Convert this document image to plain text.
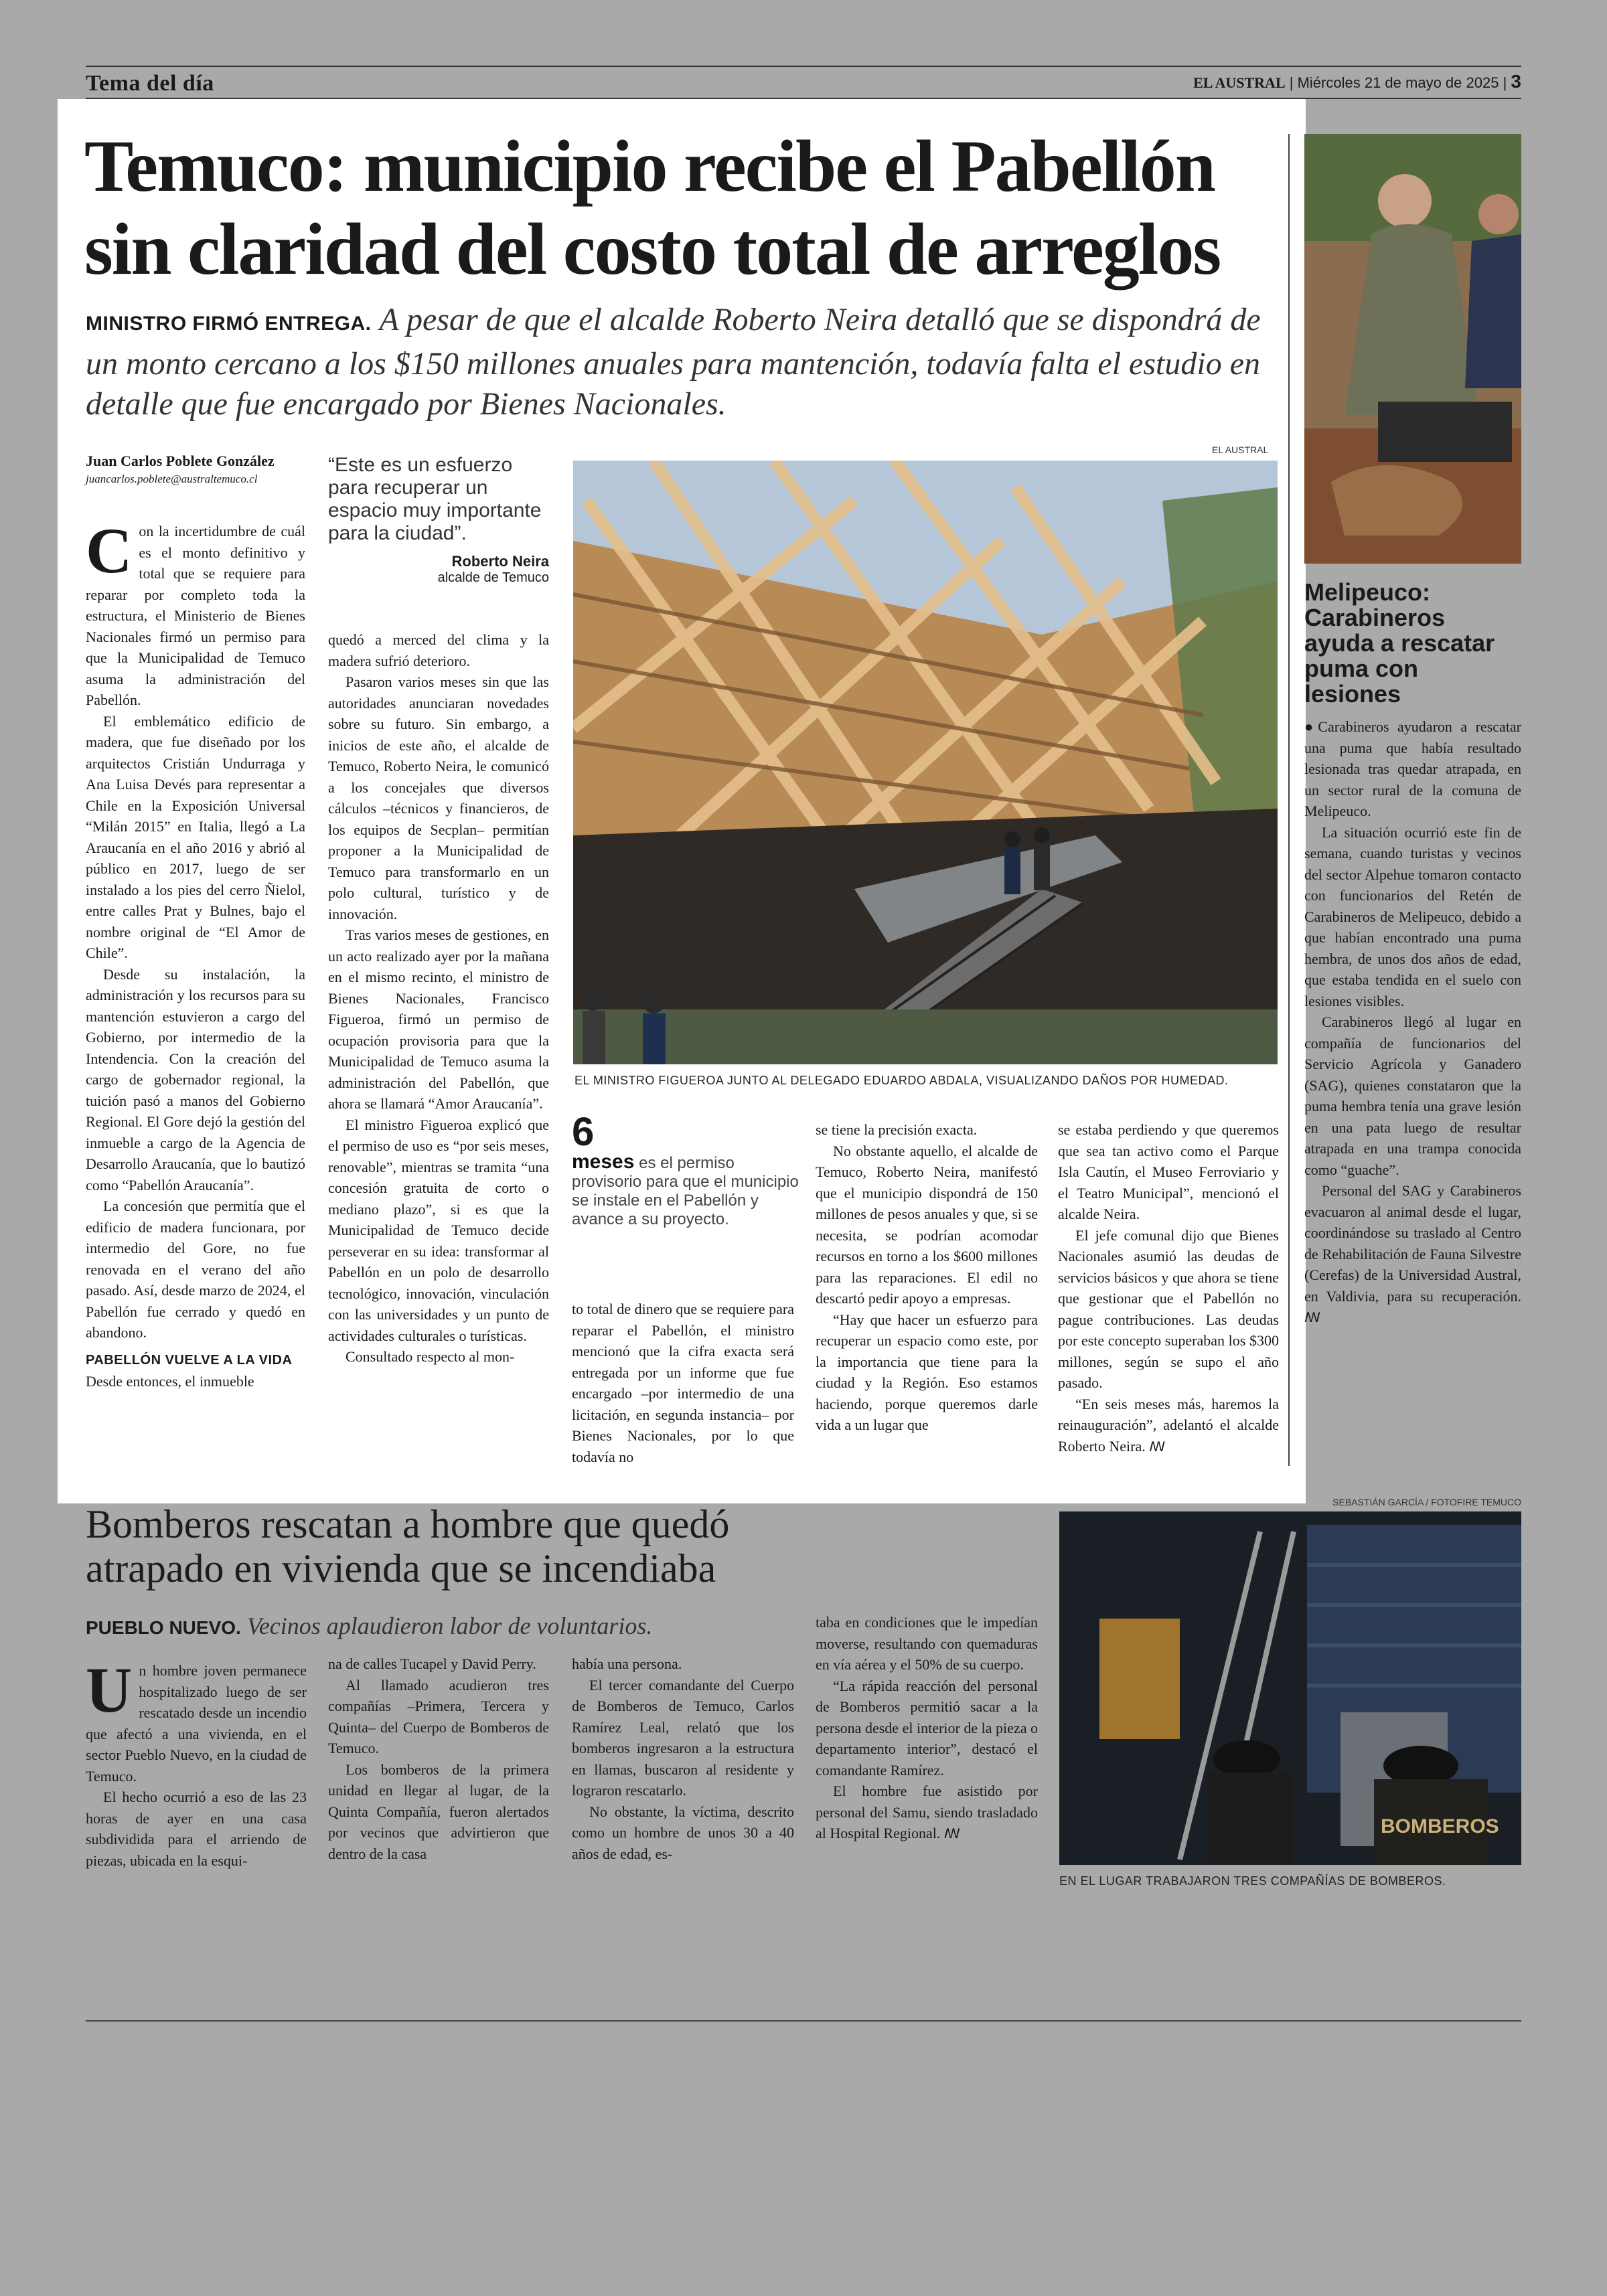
Tema del día	EL AUSTRAL | Miércoles 21 de mayo de 2025 | 3
Temuco: municipio recibe el Pabellón
sin claridad del costo total de arreglos
MINISTRO FIRMÓ ENTREGA. A pesar de que el alcalde Roberto Neira detalló que se dispondrá de un monto cercano a los $150 millones anuales para mantención, todavía falta el estudio en detalle que fue encargado por Bienes Nacionales.
Juan Carlos Poblete González
juancarlos.poblete@australtemuco.cl

Con la incertidumbre de cuál es el monto definitivo y total que se requiere para reparar por completo toda la estructura, el Ministerio de Bienes Nacionales firmó un permiso para que la Municipalidad de Temuco asuma la administración del Pabellón.

El emblemático edificio de madera, que fue diseñado por los arquitectos Cristián Undurraga y Ana Luisa Devés para representar a Chile en la Exposición Universal “Milán 2015” en Italia, llegó a La Araucanía en el año 2016 y abrió al público en 2017, luego de ser instalado a los pies del cerro Ñielol, entre calles Prat y Bulnes, bajo el nombre original de “El Amor de Chile”.

Desde su instalación, la administración y los recursos para su mantención estuvieron a cargo del Gobierno, por intermedio de la Intendencia. Con la creación del cargo de gobernador regional, la tuición pasó a manos del Gobierno Regional. El Gore dejó la gestión del inmueble a cargo de la Agencia de Desarrollo Araucanía, que lo bautizó como “Pabellón Araucanía”.

La concesión que permitía que el edificio de madera funcionara, por intermedio del Gore, no fue renovada en el verano del año pasado. Así, desde marzo de 2024, el Pabellón fue cerrado y quedó en abandono.

PABELLÓN VUELVE A LA VIDA

Desde entonces, el inmueble

“Este es un esfuerzo para recuperar un espacio muy importante para la ciudad”.
Roberto Neira
alcalde de Temuco

quedó a merced del clima y la madera sufrió deterioro.

Pasaron varios meses sin que las autoridades anunciaran novedades sobre su futuro. Sin embargo, a inicios de este año, el alcalde de Temuco, Roberto Neira, le comunicó a los concejales que diversos cálculos –técnicos y financieros, de los equipos de Secplan– permitían proponer a la Municipalidad de Temuco para transformarlo en un polo cultural, turístico y de innovación.

Tras varios meses de gestiones, en un acto realizado ayer por la mañana en el mismo recinto, el ministro de Bienes Nacionales, Francisco Figueroa, firmó un permiso de ocupación provisoria para que la Municipalidad de Temuco asuma la administración del Pabellón, que ahora se llamará “Amor Araucanía”.

El ministro Figueroa explicó que el permiso de uso es “por seis meses, renovable”, mientras se tramita “una concesión gratuita de corto o mediano plazo”, si es que la Municipalidad de Temuco decide perseverar en su idea: transformar al Pabellón en un polo de desarrollo tecnológico, innovación, vinculación con las universidades y un punto de actividades culturales o turísticas.

Consultado respecto al mon-

EL AUSTRAL
EL MINISTRO FIGUEROA JUNTO AL DELEGADO EDUARDO ABDALA, VISUALIZANDO DAÑOS POR HUMEDAD.
6
meses es el permiso provisorio para que el municipio se instale en el Pabellón y avance a su proyecto.

to total de dinero que se requiere para reparar el Pabellón, el ministro mencionó que la cifra exacta será entregada por un informe que fue encargado –por intermedio de una licitación, en segunda instancia– por Bienes Nacionales, por lo que todavía no

se tiene la precisión exacta.

No obstante aquello, el alcalde de Temuco, Roberto Neira, manifestó que el municipio dispondrá de 150 millones de pesos anuales y que, si se necesita, se podrían acomodar recursos en torno a los $600 millones para las reparaciones. El edil no descartó pedir apoyo a empresas.

“Hay que hacer un esfuerzo para recuperar un espacio como este, por la importancia que tiene para la ciudad y la Región. Eso estamos haciendo, porque queremos darle vida a un lugar que

se estaba perdiendo y que queremos que sea tan activo como el Parque Isla Cautín, el Museo Ferroviario y el Teatro Municipal”, mencionó el alcalde Neira.

El jefe comunal dijo que Bienes Nacionales asumió las deudas de servicios básicos y que ahora se tiene que gestionar que el Pabellón no pague contribuciones. Las deudas por este concepto superaban los $300 millones, según se supo el año pasado.

“En seis meses más, haremos la reinauguración”, adelantó el alcalde Roberto Neira. ꟿ

Melipeuco: Carabineros ayuda a rescatar puma con lesiones

●Carabineros ayudaron a rescatar una puma que había resultado lesionada tras quedar atrapada, en un sector rural de la comuna de Melipeuco.

La situación ocurrió este fin de semana, cuando turistas y vecinos del sector Alpehue tomaron contacto con funcionarios del Retén de Carabineros de Melipeuco, debido a que habían encontrado una puma hembra, de unos dos años de edad, que estaba tendida en el suelo con lesiones visibles.

Carabineros llegó al lugar en compañía de funcionarios del Servicio Agrícola y Ganadero (SAG), quienes constataron que la puma hembra tenía una grave lesión en una pata luego de resultar atrapada en una trampa conocida como “guache”.

Personal del SAG y Carabineros evacuaron al animal desde el lugar, coordinándose su traslado al Centro de Rehabilitación de Fauna Silvestre (Cerefas) de la Universidad Austral, en Valdivia, para su recuperación. ꟿ

Bomberos rescatan a hombre que quedó
atrapado en vivienda que se incendiaba
PUEBLO NUEVO. Vecinos aplaudieron labor de voluntarios.

Un hombre joven permanece hospitalizado luego de ser rescatado desde un incendio que afectó a una vivienda, en el sector Pueblo Nuevo, en la ciudad de Temuco.

El hecho ocurrió a eso de las 23 horas de ayer en una casa subdividida para el arriendo de piezas, ubicada en la esqui-

na de calles Tucapel y David Perry.

Al llamado acudieron tres compañías –Primera, Tercera y Quinta– del Cuerpo de Bomberos de Temuco.

Los bomberos de la primera unidad en llegar al lugar, de la Quinta Compañía, fueron alertados por vecinos que advirtieron que dentro de la casa

había una persona.

El tercer comandante del Cuerpo de Bomberos de Temuco, Carlos Ramírez Leal, relató que los bomberos ingresaron a la estructura en llamas, buscaron al residente y lograron rescatarlo.

No obstante, la víctima, descrito como un hombre de unos 30 a 40 años de edad, es-

taba en condiciones que le impedían moverse, resultando con quemaduras en vía aérea y el 50% de su cuerpo.

“La rápida reacción del personal de Bomberos permitió sacar a la persona desde el interior de la pieza o departamento interior”, destacó el comandante Ramírez.

El hombre fue asistido por personal del Samu, siendo trasladado al Hospital Regional. ꟿ

SEBASTIÁN GARCÍA / FOTOFIRE TEMUCO
BOMBEROS
EN EL LUGAR TRABAJARON TRES COMPAÑÍAS DE BOMBEROS.
